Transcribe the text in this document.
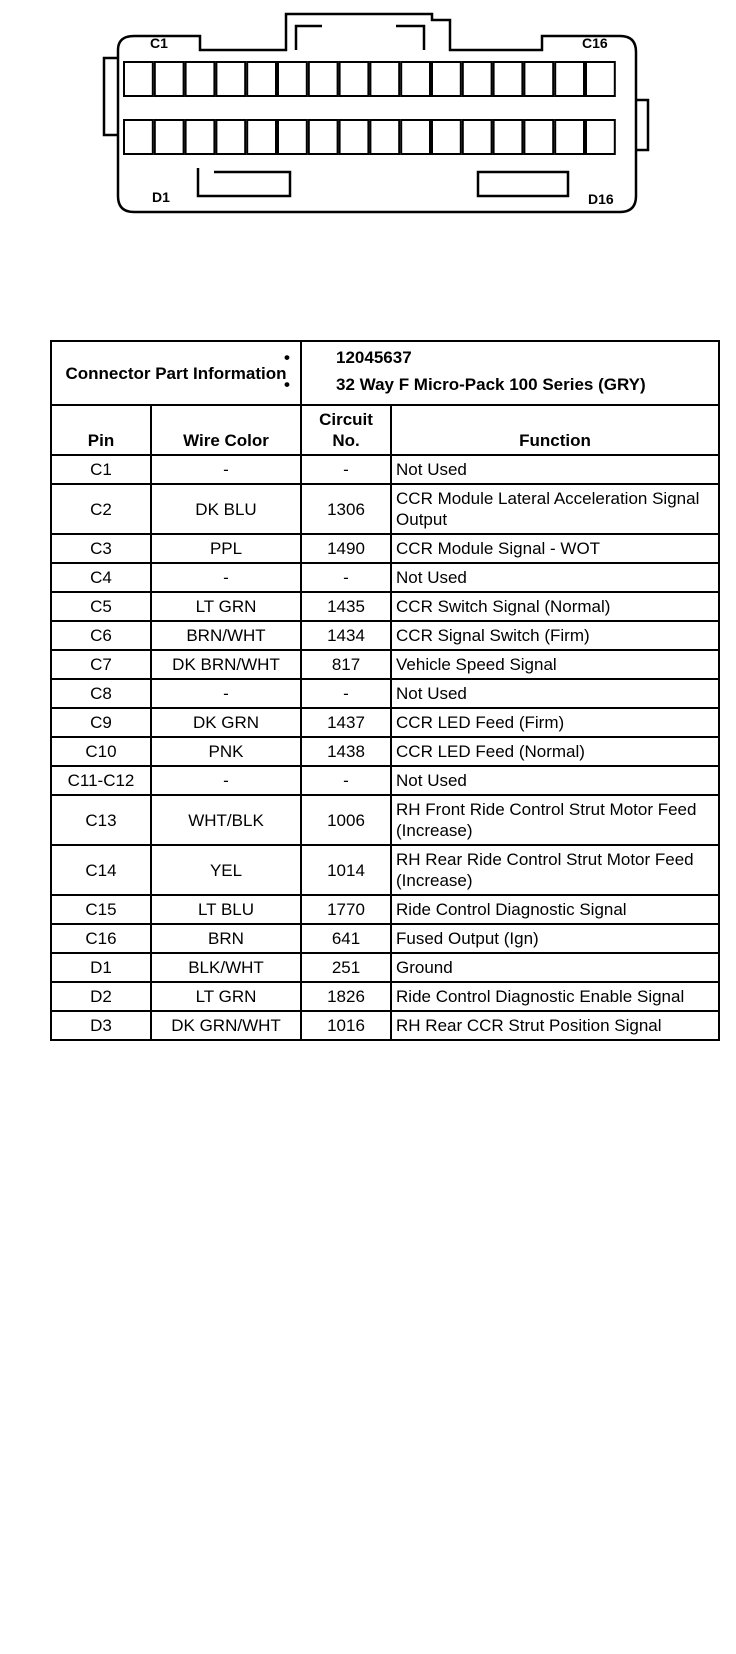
C1	C16
D1	D16
Connector Part Information		• 12045637
• 32 Way F Micro-Pack 100 Series (GRY)	

Pin	Wire Color	Circuit No.	Function
C1	-	-	Not Used
C2	DK BLU	1306	CCR Module Lateral Acceleration Signal Output
C3	PPL	1490	CCR Module Signal - WOT
C4	-	-	Not Used
C5	LT GRN	1435	CCR Switch Signal (Normal)
C6	BRN/WHT	1434	CCR Signal Switch (Firm)
C7	DK BRN/WHT	817	Vehicle Speed Signal
C8	-	-	Not Used
C9	DK GRN	1437	CCR LED Feed (Firm)
C10	PNK	1438	CCR LED Feed (Normal)
C11-C12	-	-	Not Used
C13	WHT/BLK	1006	RH Front Ride Control Strut Motor Feed (Increase)
C14	YEL	1014	RH Rear Ride Control Strut Motor Feed (Increase)
C15	LT BLU	1770	Ride Control Diagnostic Signal
C16	BRN	641	Fused Output (Ign)
D1	BLK/WHT	251	Ground
D2	LT GRN	1826	Ride Control Diagnostic Enable Signal
D3	DK GRN/WHT	1016	RH Rear CCR Strut Position Signal
